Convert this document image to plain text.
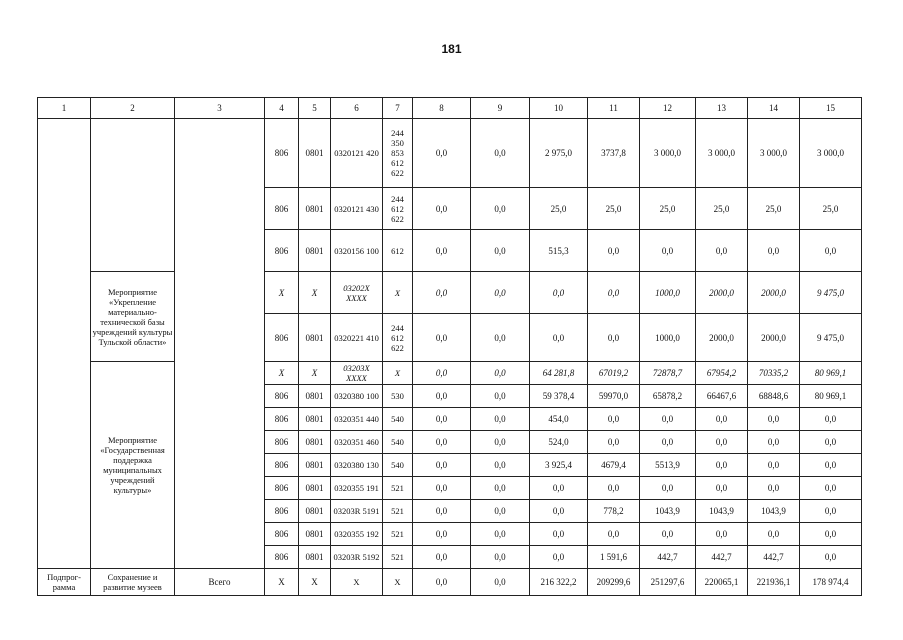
181
1	2	3	4	5	6	7	8	9	10	11	12	13	14	15
			806	0801	0320121 420	244 350 853 612 622	0,0	0,0	2 975,0	3737,8	3 000,0	3 000,0	3 000,0	3 000,0
			806	0801	0320121 430	244 612 622	0,0	0,0	25,0	25,0	25,0	25,0	25,0	25,0
			806	0801	0320156 100	612	0,0	0,0	515,3	0,0	0,0	0,0	0,0	0,0
	Мероприятие «Укрепление материально-технической базы учреждений культуры Тульской области»		Х	Х	03202Х ХХХХ	Х	0,0	0,0	0,0	0,0	1000,0	2000,0	2000,0	9 475,0
			806	0801	0320221 410	244 612 622	0,0	0,0	0,0	0,0	1000,0	2000,0	2000,0	9 475,0
	Мероприятие «Государственная поддержка муниципальных учреждений культуры»		Х	Х	03203Х ХХХХ	Х	0,0	0,0	64 281,8	67019,2	72878,7	67954,2	70335,2	80 969,1
			806	0801	0320380 100	530	0,0	0,0	59 378,4	59970,0	65878,2	66467,6	68848,6	80 969,1
			806	0801	0320351 440	540	0,0	0,0	454,0	0,0	0,0	0,0	0,0	0,0
			806	0801	0320351 460	540	0,0	0,0	524,0	0,0	0,0	0,0	0,0	0,0
			806	0801	0320380 130	540	0,0	0,0	3 925,4	4679,4	5513,9	0,0	0,0	0,0
			806	0801	0320355 191	521	0,0	0,0	0,0	0,0	0,0	0,0	0,0	0,0
			806	0801	03203R 5191	521	0,0	0,0	0,0	778,2	1043,9	1043,9	1043,9	0,0
			806	0801	0320355 192	521	0,0	0,0	0,0	0,0	0,0	0,0	0,0	0,0
			806	0801	03203R 5192	521	0,0	0,0	0,0	1 591,6	442,7	442,7	442,7	0,0
Подпрог-рамма	Сохранение и развитие музеев	Всего	Х	Х	Х	Х	0,0	0,0	216 322,2	209299,6	251297,6	220065,1	221936,1	178 974,4
